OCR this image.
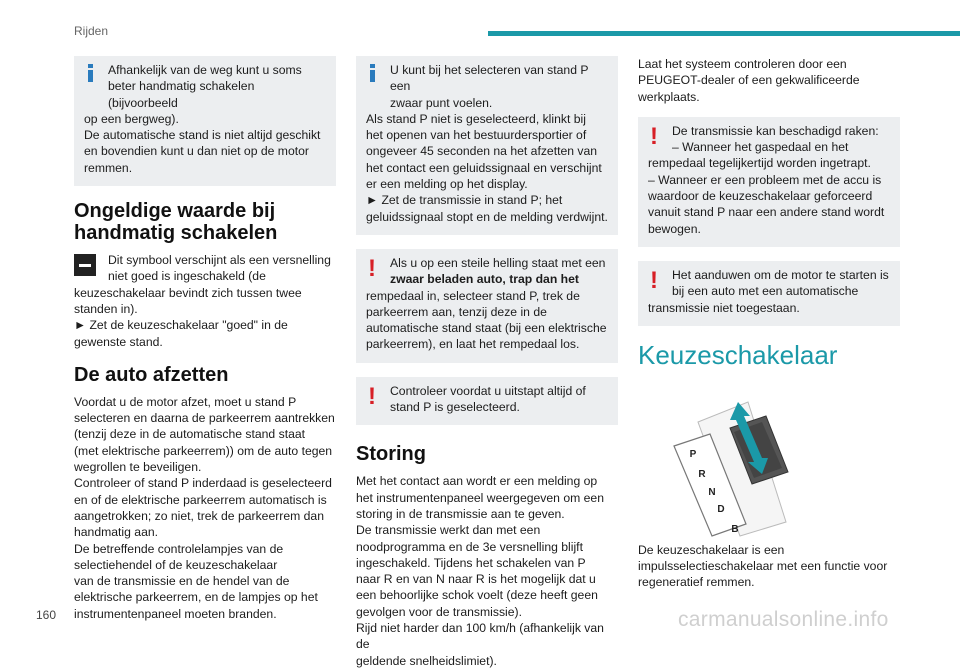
Rijden
Afhankelijk van de weg kunt u soms
beter handmatig schakelen (bijvoorbeeld
op een bergweg).
De automatische stand is niet altijd geschikt
en bovendien kunt u dan niet op de motor
remmen.
Ongeldige waarde bij
handmatig schakelen
Dit symbool verschijnt als een versnelling
niet goed is ingeschakeld (de
keuzeschakelaar bevindt zich tussen twee
standen in).
► Zet de keuzeschakelaar "goed" in de
gewenste stand.
De auto afzetten
Voordat u de motor afzet, moet u stand P
selecteren en daarna de parkeerrem aantrekken
(tenzij deze in de automatische stand staat
(met elektrische parkeerrem)) om de auto tegen
wegrollen te beveiligen.
Controleer of stand P inderdaad is geselecteerd
en of de elektrische parkeerrem automatisch is
aangetrokken; zo niet, trek de parkeerrem dan
handmatig aan.
De betreffende controlelampjes van de
selectiehendel of de keuzeschakelaar
van de transmissie en de hendel van de
elektrische parkeerrem, en de lampjes op het
instrumentenpaneel moeten branden.
U kunt bij het selecteren van stand P een
zwaar punt voelen.
Als stand P niet is geselecteerd, klinkt bij
het openen van het bestuurdersportier of
ongeveer 45 seconden na het afzetten van
het contact een geluidssignaal en verschijnt
er een melding op het display.
► Zet de transmissie in stand P; het
geluidssignaal stopt en de melding verdwijnt.
!	Als u op een steile helling staat met een
zwaar beladen auto, trap dan het
rempedaal in, selecteer stand P, trek de
parkeerrem aan, tenzij deze in de
automatische stand staat (bij een elektrische
parkeerrem), en laat het rempedaal los.
!	Controleer voordat u uitstapt altijd of
stand P is geselecteerd.
Storing
Met het contact aan wordt er een melding op
het instrumentenpaneel weergegeven om een
storing in de transmissie aan te geven.
De transmissie werkt dan met een
noodprogramma en de 3e versnelling blijft
ingeschakeld. Tijdens het schakelen van P
naar R en van N naar R is het mogelijk dat u
een behoorlijke schok voelt (deze heeft geen
gevolgen voor de transmissie).
Rijd niet harder dan 100 km/h (afhankelijk van de
geldende snelheidslimiet).
Laat het systeem controleren door een
PEUGEOT-dealer of een gekwalificeerde
werkplaats.
!	De transmissie kan beschadigd raken:
– Wanneer het gaspedaal en het
rempedaal tegelijkertijd worden ingetrapt.
– Wanneer er een probleem met de accu is
waardoor de keuzeschakelaar geforceerd
vanuit stand P naar een andere stand wordt
bewogen.
!	Het aanduwen om de motor te starten is
bij een auto met een automatische
transmissie niet toegestaan.
Keuzeschakelaar
P
R
N
D
B
De keuzeschakelaar is een
impulsselectieschakelaar met een functie voor
regeneratief remmen.
160	carmanualsonline.info
